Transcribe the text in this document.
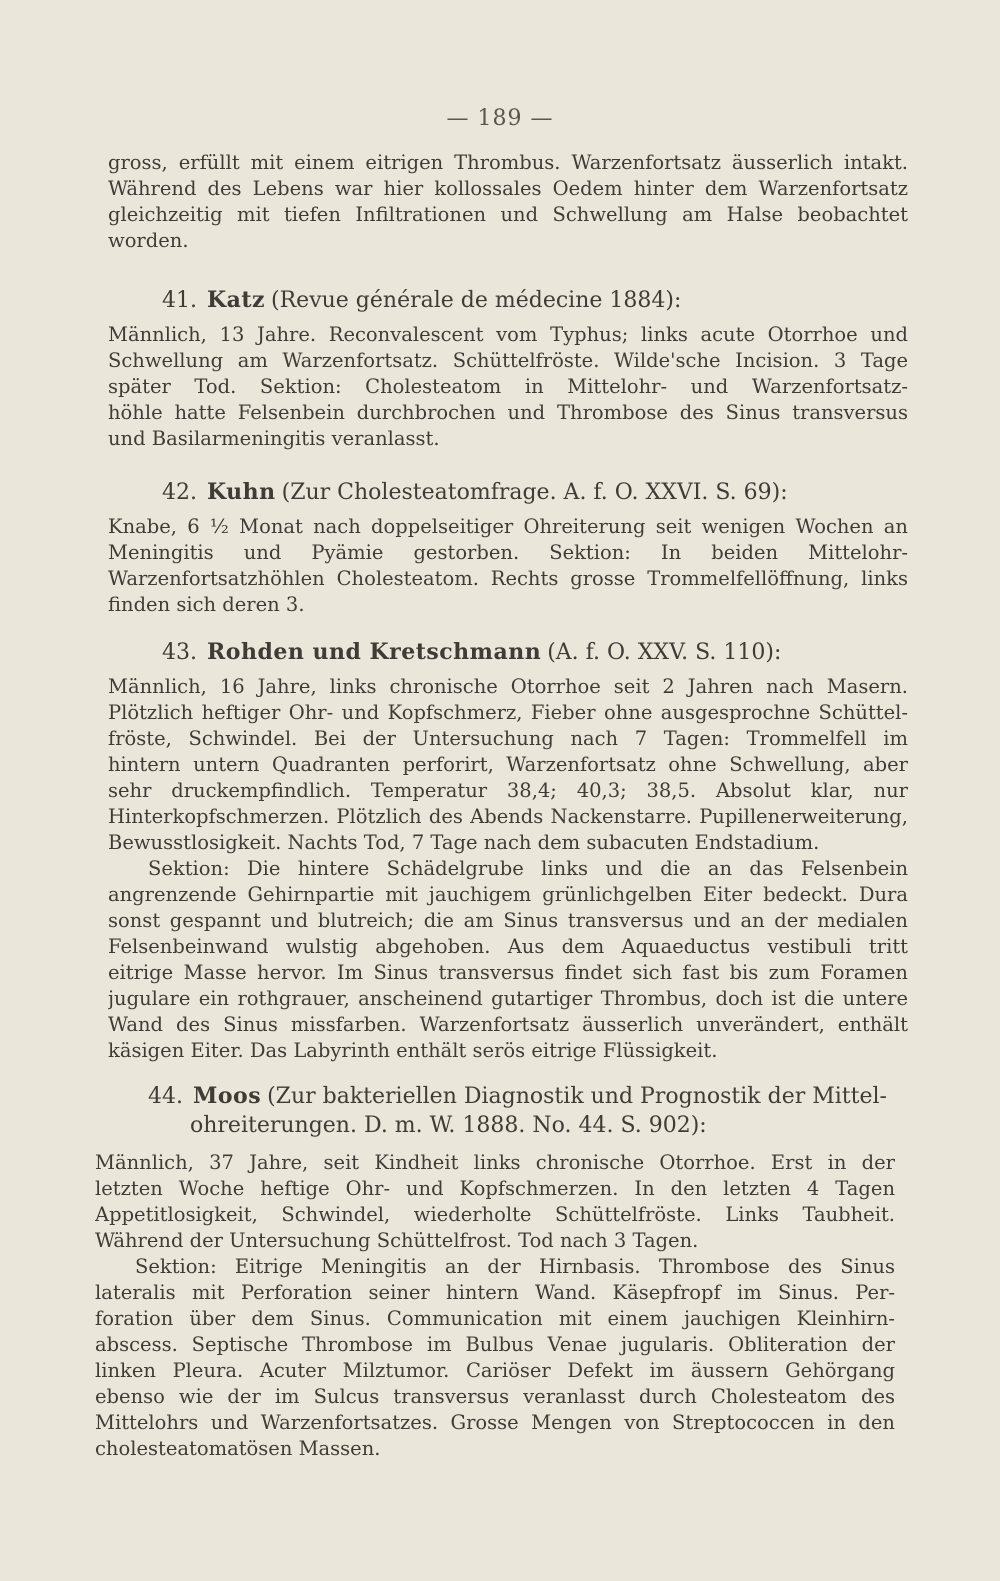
— 189 —
gross, erfüllt mit einem eitrigen Thrombus. Warzenfortsatz äusserlich intakt.
Während des Lebens war hier kollossales Oedem hinter dem Warzenfortsatz
gleichzeitig mit tiefen Infiltrationen und Schwellung am Halse beobachtet
worden.
41. Katz (Revue générale de médecine 1884):
Männlich, 13 Jahre. Reconvalescent vom Typhus; links acute Otorrhoe und
Schwellung am Warzenfortsatz. Schüttelfröste. Wilde'sche Incision. 3 Tage
später Tod. Sektion: Cholesteatom in Mittelohr- und Warzenfortsatz-
höhle hatte Felsenbein durchbrochen und Thrombose des Sinus transversus
und Basilarmeningitis veranlasst.
42. Kuhn (Zur Cholesteatomfrage. A. f. O. XXVI. S. 69):
Knabe, 6 ½ Monat nach doppelseitiger Ohreiterung seit wenigen Wochen an
Meningitis und Pyämie gestorben. Sektion: In beiden Mittelohr-
Warzenfortsatzhöhlen Cholesteatom. Rechts grosse Trommelfellöffnung, links
finden sich deren 3.
43. Rohden und Kretschmann (A. f. O. XXV. S. 110):
Männlich, 16 Jahre, links chronische Otorrhoe seit 2 Jahren nach Masern.
Plötzlich heftiger Ohr- und Kopfschmerz, Fieber ohne ausgesprochne Schüttel-
fröste, Schwindel. Bei der Untersuchung nach 7 Tagen: Trommelfell im
hintern untern Quadranten perforirt, Warzenfortsatz ohne Schwellung, aber
sehr druckempfindlich. Temperatur 38,4; 40,3; 38,5. Absolut klar, nur
Hinterkopfschmerzen. Plötzlich des Abends Nackenstarre. Pupillenerweiterung,
Bewusstlosigkeit. Nachts Tod, 7 Tage nach dem subacuten Endstadium.
Sektion: Die hintere Schädelgrube links und die an das Felsenbein
angrenzende Gehirnpartie mit jauchigem grünlichgelben Eiter bedeckt. Dura
sonst gespannt und blutreich; die am Sinus transversus und an der medialen
Felsenbeinwand wulstig abgehoben. Aus dem Aquaeductus vestibuli tritt
eitrige Masse hervor. Im Sinus transversus findet sich fast bis zum Foramen
jugulare ein rothgrauer, anscheinend gutartiger Thrombus, doch ist die untere
Wand des Sinus missfarben. Warzenfortsatz äusserlich unverändert, enthält
käsigen Eiter. Das Labyrinth enthält serös eitrige Flüssigkeit.
44. Moos (Zur bakteriellen Diagnostik und Prognostik der Mittel-
ohreiterungen. D. m. W. 1888. No. 44. S. 902):
Männlich, 37 Jahre, seit Kindheit links chronische Otorrhoe. Erst in der
letzten Woche heftige Ohr- und Kopfschmerzen. In den letzten 4 Tagen
Appetitlosigkeit, Schwindel, wiederholte Schüttelfröste. Links Taubheit.
Während der Untersuchung Schüttelfrost. Tod nach 3 Tagen.
Sektion: Eitrige Meningitis an der Hirnbasis. Thrombose des Sinus
lateralis mit Perforation seiner hintern Wand. Käsepfropf im Sinus. Per-
foration über dem Sinus. Communication mit einem jauchigen Kleinhirn-
abscess. Septische Thrombose im Bulbus Venae jugularis. Obliteration der
linken Pleura. Acuter Milztumor. Cariöser Defekt im äussern Gehörgang
ebenso wie der im Sulcus transversus veranlasst durch Cholesteatom des
Mittelohrs und Warzenfortsatzes. Grosse Mengen von Streptococcen in den
cholesteatomatösen Massen.
